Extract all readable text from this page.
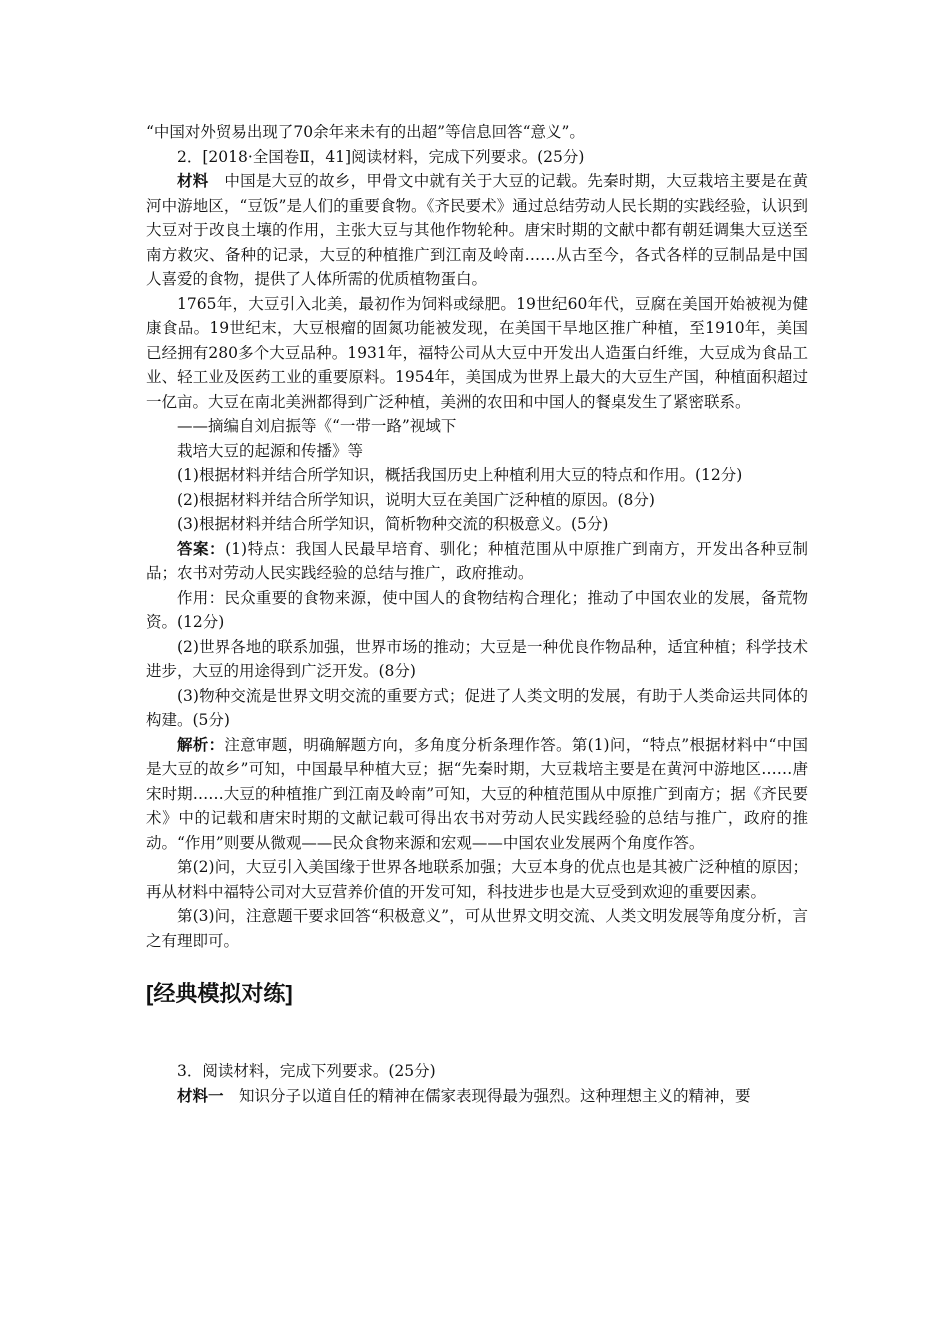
“中国对外贸易出现了70余年来未有的出超”等信息回答“意义”。

2．[2018·全国卷Ⅱ，41]阅读材料，完成下列要求。(25分)

材料　 中国是大豆的故乡，甲骨文中就有关于大豆的记载。先秦时期，大豆栽培主要是在黄河中游地区，“豆饭”是人们的重要食物。《齐民要术》通过总结劳动人民长期的实践经验，认识到大豆对于改良土壤的作用，主张大豆与其他作物轮种。唐宋时期的文献中都有朝廷调集大豆送至南方救灾、备种的记录，大豆的种植推广到江南及岭南……从古至今，各式各样的豆制品是中国人喜爱的食物，提供了人体所需的优质植物蛋白。

1765年，大豆引入北美，最初作为饲料或绿肥。19世纪60年代，豆腐在美国开始被视为健康食品。19世纪末，大豆根瘤的固氮功能被发现，在美国干旱地区推广种植，至1910年，美国已经拥有280多个大豆品种。1931年，福特公司从大豆中开发出人造蛋白纤维，大豆成为食品工业、轻工业及医药工业的重要原料。1954年，美国成为世界上最大的大豆生产国，种植面积超过一亿亩。大豆在南北美洲都得到广泛种植，美洲的农田和中国人的餐桌发生了紧密联系。

——摘编自刘启振等《“一带一路”视域下

栽培大豆的起源和传播》等

(1)根据材料并结合所学知识，概括我国历史上种植利用大豆的特点和作用。(12分)

(2)根据材料并结合所学知识，说明大豆在美国广泛种植的原因。(8分)

(3)根据材料并结合所学知识，简析物种交流的积极意义。(5分)

答案：(1)特点：我国人民最早培育、驯化；种植范围从中原推广到南方，开发出各种豆制品；农书对劳动人民实践经验的总结与推广，政府推动。

作用：民众重要的食物来源，使中国人的食物结构合理化；推动了中国农业的发展，备荒物资。(12分)

(2)世界各地的联系加强，世界市场的推动；大豆是一种优良作物品种，适宜种植；科学技术进步，大豆的用途得到广泛开发。(8分)

(3)物种交流是世界文明交流的重要方式；促进了人类文明的发展，有助于人类命运共同体的构建。(5分)

解析：注意审题，明确解题方向，多角度分析条理作答。第(1)问，“特点”根据材料中“中国是大豆的故乡”可知，中国最早种植大豆；据“先秦时期，大豆栽培主要是在黄河中游地区……唐宋时期……大豆的种植推广到江南及岭南”可知，大豆的种植范围从中原推广到南方；据《齐民要术》中的记载和唐宋时期的文献记载可得出农书对劳动人民实践经验的总结与推广，政府的推动。“作用”则要从微观——民众食物来源和宏观——中国农业发展两个角度作答。

第(2)问，大豆引入美国缘于世界各地联系加强；大豆本身的优点也是其被广泛种植的原因；再从材料中福特公司对大豆营养价值的开发可知，科技进步也是大豆受到欢迎的重要因素。

第(3)问，注意题干要求回答“积极意义”，可从世界文明交流、人类文明发展等角度分析，言之有理即可。

[经典模拟对练]

3．阅读材料，完成下列要求。(25分)

材料一　 知识分子以道自任的精神在儒家表现得最为强烈。这种理想主义的精神，要
